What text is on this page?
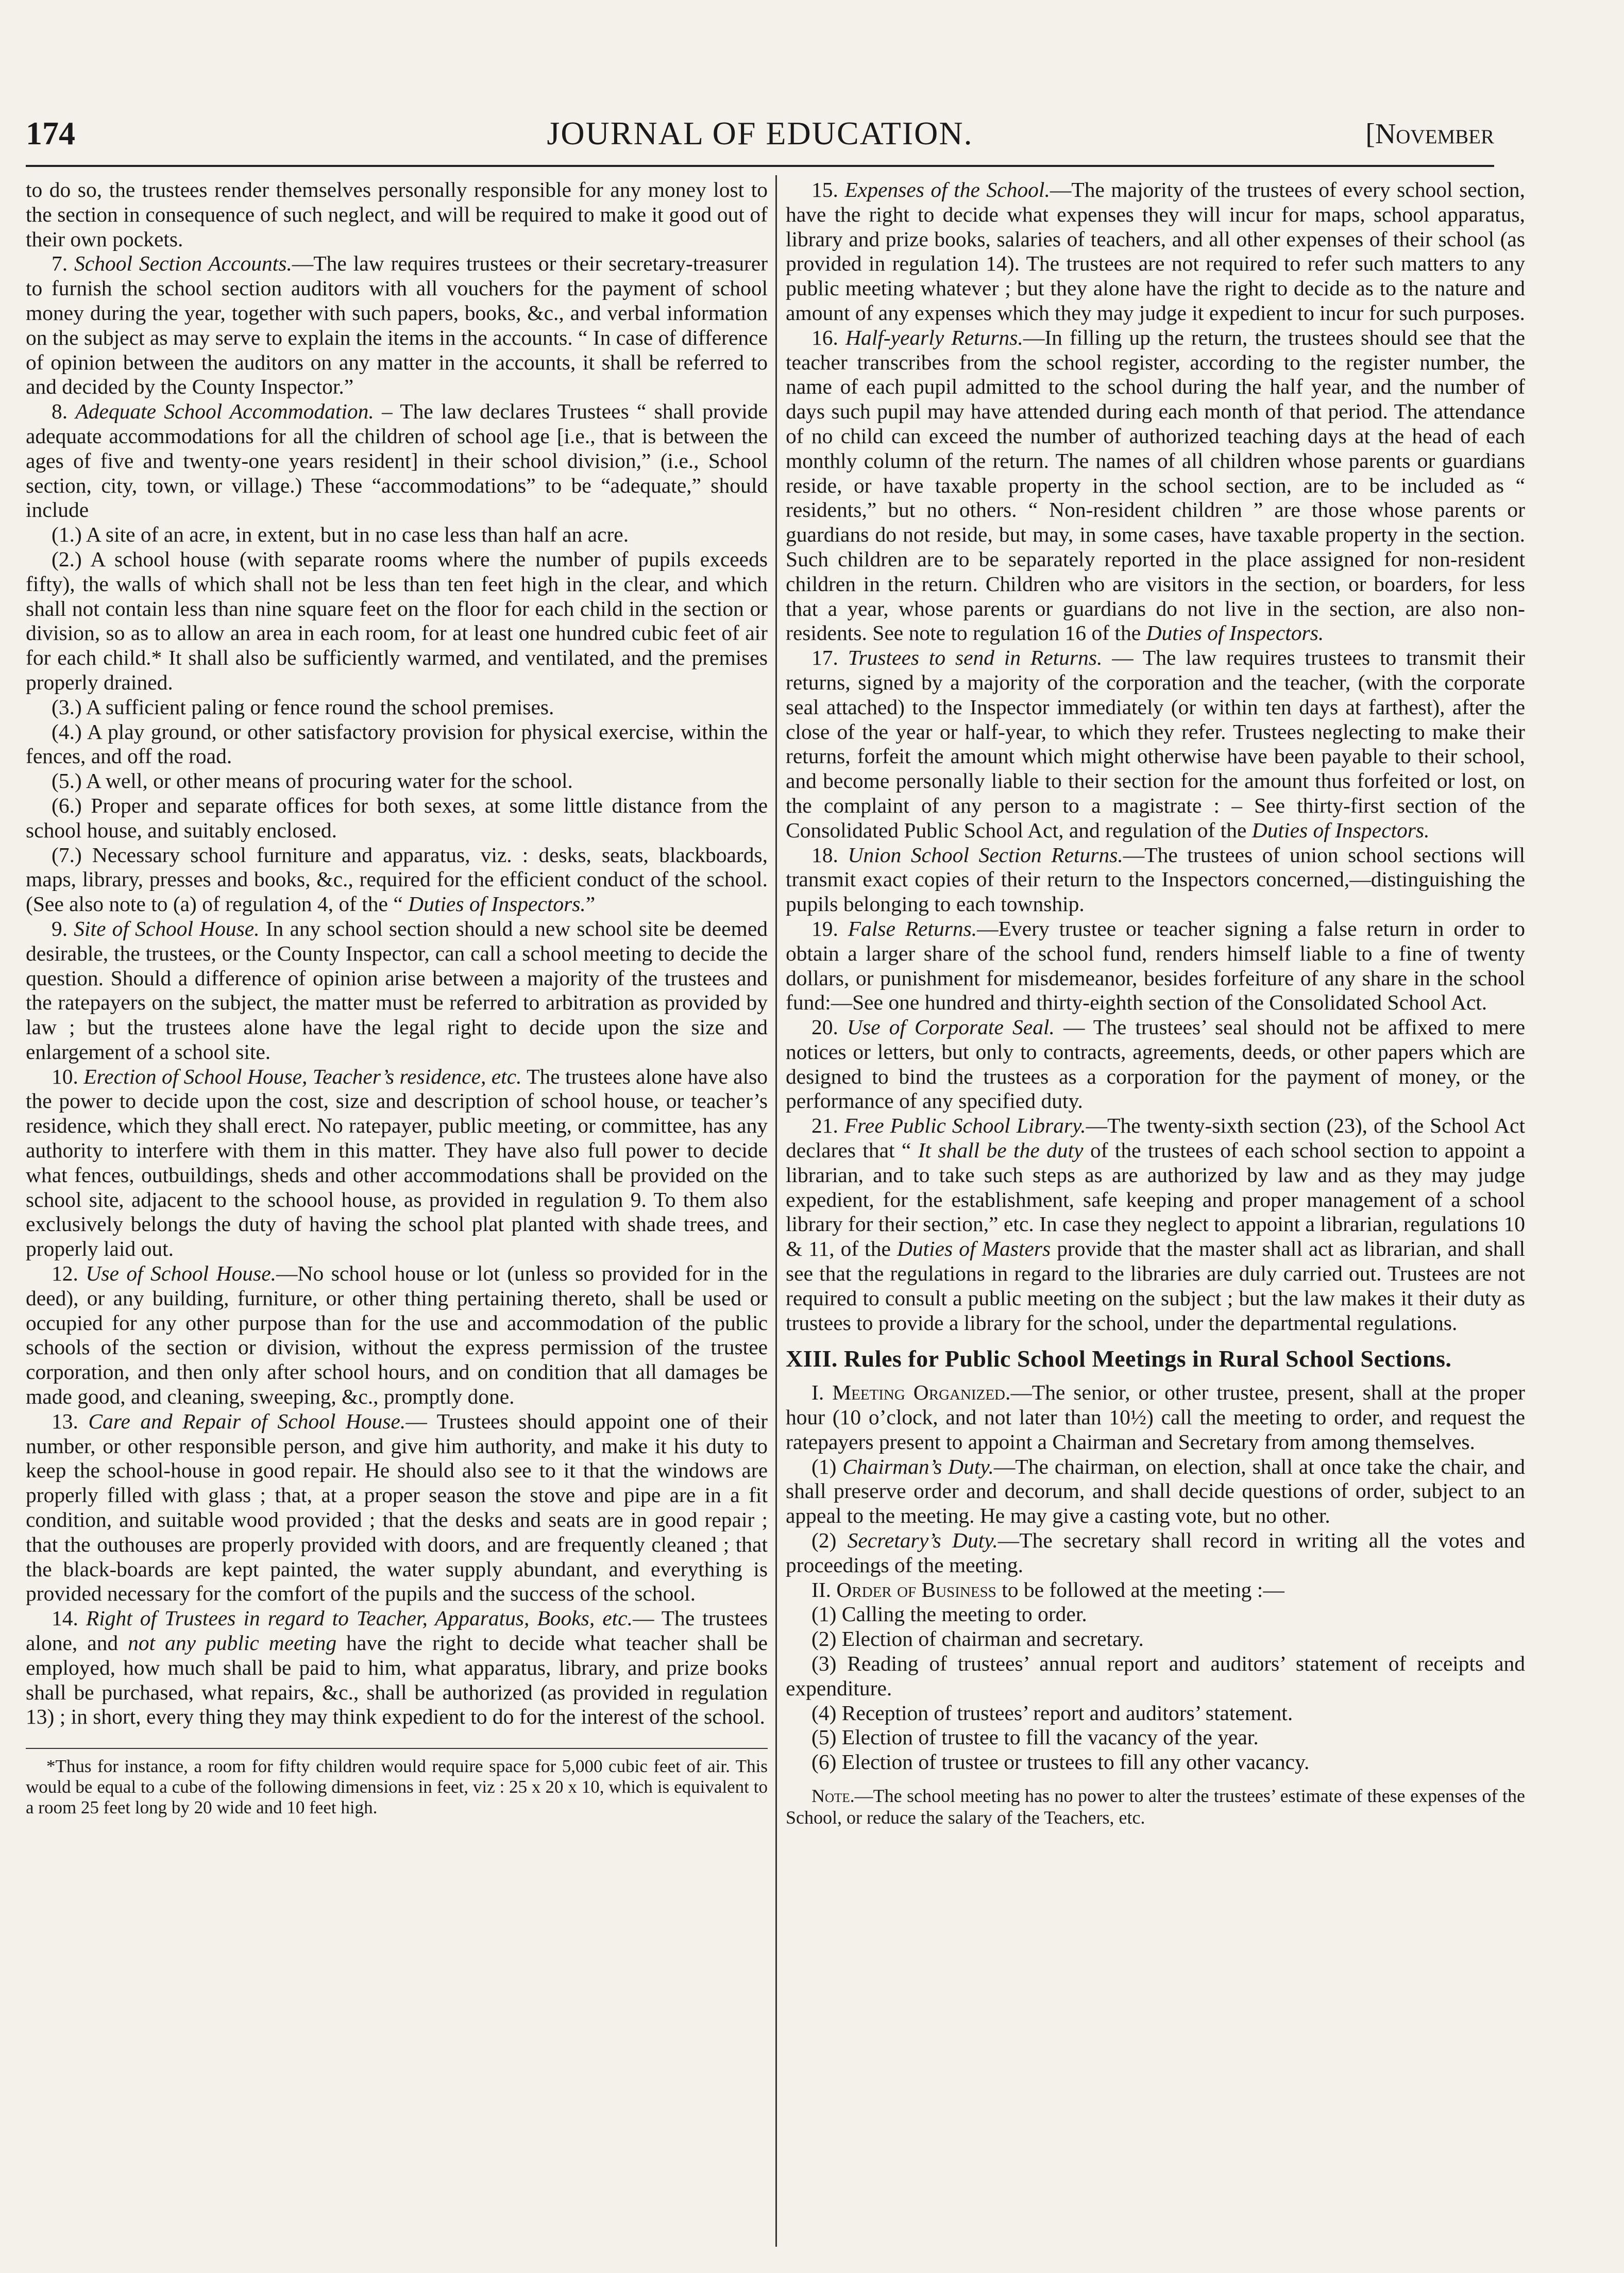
174	JOURNAL OF EDUCATION.	[November

to do so, the trustees render themselves personally responsible for any money lost to the section in consequence of such neglect, and will be required to make it good out of their own pockets.

7. School Section Accounts.—The law requires trustees or their secretary-treasurer to furnish the school section auditors with all vouchers for the payment of school money during the year, together with such papers, books, &c., and verbal information on the subject as may serve to explain the items in the accounts. “ In case of difference of opinion between the auditors on any matter in the accounts, it shall be referred to and decided by the County Inspector.”

8. Adequate School Accommodation. – The law declares Trustees “ shall provide adequate accommodations for all the children of school age [i.e., that is between the ages of five and twenty-one years resident] in their school division,” (i.e., School section, city, town, or village.) These “accommodations” to be “adequate,” should include

(1.) A site of an acre, in extent, but in no case less than half an acre.

(2.) A school house (with separate rooms where the number of pupils exceeds fifty), the walls of which shall not be less than ten feet high in the clear, and which shall not contain less than nine square feet on the floor for each child in the section or division, so as to allow an area in each room, for at least one hundred cubic feet of air for each child.* It shall also be sufficiently warmed, and ventilated, and the premises properly drained.

(3.) A sufficient paling or fence round the school premises.

(4.) A play ground, or other satisfactory provision for physical exercise, within the fences, and off the road.

(5.) A well, or other means of procuring water for the school.

(6.) Proper and separate offices for both sexes, at some little distance from the school house, and suitably enclosed.

(7.) Necessary school furniture and apparatus, viz. : desks, seats, blackboards, maps, library, presses and books, &c., required for the efficient conduct of the school. (See also note to (a) of regulation 4, of the “ Duties of Inspectors.”

9. Site of School House. In any school section should a new school site be deemed desirable, the trustees, or the County Inspector, can call a school meeting to decide the question. Should a difference of opinion arise between a majority of the trustees and the ratepayers on the subject, the matter must be referred to arbitration as provided by law ; but the trustees alone have the legal right to decide upon the size and enlargement of a school site.

10. Erection of School House, Teacher’s residence, etc. The trustees alone have also the power to decide upon the cost, size and description of school house, or teacher’s residence, which they shall erect. No ratepayer, public meeting, or committee, has any authority to interfere with them in this matter. They have also full power to decide what fences, outbuildings, sheds and other accommodations shall be provided on the school site, adjacent to the schoool house, as provided in regulation 9. To them also exclusively belongs the duty of having the school plat planted with shade trees, and properly laid out.

12. Use of School House.—No school house or lot (unless so provided for in the deed), or any building, furniture, or other thing pertaining thereto, shall be used or occupied for any other purpose than for the use and accommodation of the public schools of the section or division, without the express permission of the trustee corporation, and then only after school hours, and on condition that all damages be made good, and cleaning, sweeping, &c., promptly done.

13. Care and Repair of School House.— Trustees should appoint one of their number, or other responsible person, and give him authority, and make it his duty to keep the school-house in good repair. He should also see to it that the windows are properly filled with glass ; that, at a proper season the stove and pipe are in a fit condition, and suitable wood provided ; that the desks and seats are in good repair ; that the outhouses are properly provided with doors, and are frequently cleaned ; that the black-boards are kept painted, the water supply abundant, and everything is provided necessary for the comfort of the pupils and the success of the school.

14. Right of Trustees in regard to Teacher, Apparatus, Books, etc.— The trustees alone, and not any public meeting have the right to decide what teacher shall be employed, how much shall be paid to him, what apparatus, library, and prize books shall be purchased, what repairs, &c., shall be authorized (as provided in regulation 13) ; in short, every thing they may think expedient to do for the interest of the school.

*Thus for instance, a room for fifty children would require space for 5,000 cubic feet of air. This would be equal to a cube of the following dimensions in feet, viz : 25 x 20 x 10, which is equivalent to a room 25 feet long by 20 wide and 10 feet high.

15. Expenses of the School.—The majority of the trustees of every school section, have the right to decide what expenses they will incur for maps, school apparatus, library and prize books, salaries of teachers, and all other expenses of their school (as provided in regulation 14). The trustees are not required to refer such matters to any public meeting whatever ; but they alone have the right to decide as to the nature and amount of any expenses which they may judge it expedient to incur for such purposes.

16. Half-yearly Returns.—In filling up the return, the trustees should see that the teacher transcribes from the school register, according to the register number, the name of each pupil admitted to the school during the half year, and the number of days such pupil may have attended during each month of that period. The attendance of no child can exceed the number of authorized teaching days at the head of each monthly column of the return. The names of all children whose parents or guardians reside, or have taxable property in the school section, are to be included as “ residents,” but no others. “ Non-resident children ” are those whose parents or guardians do not reside, but may, in some cases, have taxable property in the section. Such children are to be separately reported in the place assigned for non-resident children in the return. Children who are visitors in the section, or boarders, for less that a year, whose parents or guardians do not live in the section, are also non-residents. See note to regulation 16 of the Duties of Inspectors.

17. Trustees to send in Returns. — The law requires trustees to transmit their returns, signed by a majority of the corporation and the teacher, (with the corporate seal attached) to the Inspector immediately (or within ten days at farthest), after the close of the year or half-year, to which they refer. Trustees neglecting to make their returns, forfeit the amount which might otherwise have been payable to their school, and become personally liable to their section for the amount thus forfeited or lost, on the complaint of any person to a magistrate : – See thirty-first section of the Consolidated Public School Act, and regulation of the Duties of Inspectors.

18. Union School Section Returns.—The trustees of union school sections will transmit exact copies of their return to the Inspectors concerned,—distinguishing the pupils belonging to each township.

19. False Returns.—Every trustee or teacher signing a false return in order to obtain a larger share of the school fund, renders himself liable to a fine of twenty dollars, or punishment for misdemeanor, besides forfeiture of any share in the school fund:—See one hundred and thirty-eighth section of the Consolidated School Act.

20. Use of Corporate Seal. — The trustees’ seal should not be affixed to mere notices or letters, but only to contracts, agreements, deeds, or other papers which are designed to bind the trustees as a corporation for the payment of money, or the performance of any specified duty.

21. Free Public School Library.—The twenty-sixth section (23), of the School Act declares that “ It shall be the duty of the trustees of each school section to appoint a librarian, and to take such steps as are authorized by law and as they may judge expedient, for the establishment, safe keeping and proper management of a school library for their section,” etc. In case they neglect to appoint a librarian, regulations 10 & 11, of the Duties of Masters provide that the master shall act as librarian, and shall see that the regulations in regard to the libraries are duly carried out. Trustees are not required to consult a public meeting on the subject ; but the law makes it their duty as trustees to provide a library for the school, under the departmental regulations.

XIII. Rules for Public School Meetings in Rural School Sections.

I. Meeting Organized.—The senior, or other trustee, present, shall at the proper hour (10 o’clock, and not later than 10½) call the meeting to order, and request the ratepayers present to appoint a Chairman and Secretary from among themselves.

(1) Chairman’s Duty.—The chairman, on election, shall at once take the chair, and shall preserve order and decorum, and shall decide questions of order, subject to an appeal to the meeting. He may give a casting vote, but no other.

(2) Secretary’s Duty.—The secretary shall record in writing all the votes and proceedings of the meeting.

II. Order of Business to be followed at the meeting :—

(1) Calling the meeting to order.

(2) Election of chairman and secretary.

(3) Reading of trustees’ annual report and auditors’ statement of receipts and expenditure.

(4) Reception of trustees’ report and auditors’ statement.

(5) Election of trustee to fill the vacancy of the year.

(6) Election of trustee or trustees to fill any other vacancy.

Note.—The school meeting has no power to alter the trustees’ estimate of these expenses of the School, or reduce the salary of the Teachers, etc.
